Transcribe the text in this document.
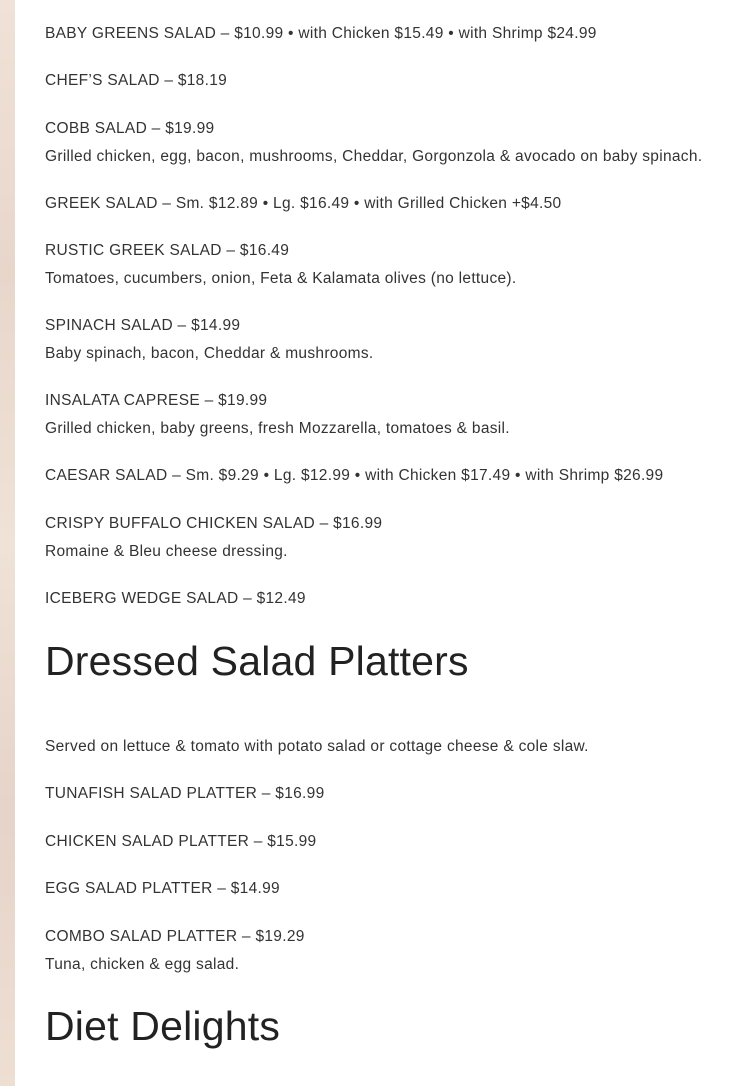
BABY GREENS SALAD – $10.99 • with Chicken $15.49 • with Shrimp $24.99

CHEF’S SALAD – $18.19

COBB SALAD – $19.99
Grilled chicken, egg, bacon, mushrooms, Cheddar, Gorgonzola & avocado on baby spinach.

GREEK SALAD – Sm. $12.89 • Lg. $16.49 • with Grilled Chicken +$4.50

RUSTIC GREEK SALAD – $16.49
Tomatoes, cucumbers, onion, Feta & Kalamata olives (no lettuce).

SPINACH SALAD – $14.99
Baby spinach, bacon, Cheddar & mushrooms.

INSALATA CAPRESE – $19.99
Grilled chicken, baby greens, fresh Mozzarella, tomatoes & basil.

CAESAR SALAD – Sm. $9.29 • Lg. $12.99 • with Chicken $17.49 • with Shrimp $26.99

CRISPY BUFFALO CHICKEN SALAD – $16.99
Romaine & Bleu cheese dressing.

ICEBERG WEDGE SALAD – $12.49

Dressed Salad Platters

Served on lettuce & tomato with potato salad or cottage cheese & cole slaw.

TUNAFISH SALAD PLATTER – $16.99

CHICKEN SALAD PLATTER – $15.99

EGG SALAD PLATTER – $14.99

COMBO SALAD PLATTER – $19.29
Tuna, chicken & egg salad.

Diet Delights
